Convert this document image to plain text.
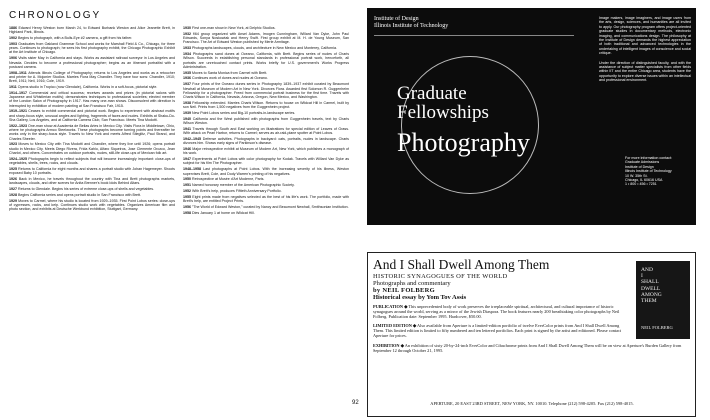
CHRONOLOGY

1886 Edward Henry Weston born March 24, to Edward Burbank Weston and Alice Jeanette Brett, in Highland Park, Illinois.

1902 Begins to photograph, with a Bulls-Eye #2 camera, a gift from his father.

1903 Graduates from Oakland Grammar School and works for Marshall Field & Co., Chicago, for three years. Continues to photograph; he sees his first photography exhibit, the Chicago Photographic Exhibit at the Art Institute of Chicago.

1906 Visits sister May in California and stays. Works as assistant railroad surveyor in Los Angeles and Nevada. Decides to become a professional photographer; begins as an itinerant portraitist with a postcard camera.

1908–1911 Attends Illinois College of Photography; returns to Los Angeles and works as a retoucher and printer for A. Mojonier Studios. Marries Flora May Chandler. They have four sons: Chandler, 1910; Brett, 1911; Neil, 1916; Cole, 1919.

1911 Opens studio in Tropico (now Glendale), California. Works in a soft-focus, pictorial style.

1914–1917 Commercial and critical success; receives awards and prizes (in pictorial salons with Japanese and Whistlerian motifs); demonstrates techniques to professional societies; elected member of the London Salon of Photography in 1917. Has many one-man shows. Disconsolent with direction is interrupted by exhibition of modern painting at San Francisco Fair, 1915.

1919–1921 Ceases to exhibit commercial and pictorial work. Begins to experiment with abstract motifs and sharp-focus style, unusual angles and lighting, fragments of faces and nudes. Exhibits at Shaku-Do-Sha Gallery, Los Angeles, and at California Camera Club, San Francisco. Meets Tina Modotti.

1922–1923 One-man show at Academia de Bellas Artes in Mexico City. Visits Flora in Middletown, Ohio, where he photographs Armco Steelworks. These photographs become turning points and thereafter he works only in the sharp-focus style. Travels to New York and meets Alfred Stieglitz, Paul Strand, and Charles Sheeler.

1923 Moves to Mexico City with Tina Modotti and Chandler, where they live until 1926; opens portrait studio in Mexico City. Meets Diego Rivera, Frida Kahlo, Alfaro Siqueiros, Jose Clemente Orozco, Jean Charlot, and others. Concentrates on outdoor portraits, nudes, still-life close-ups of Mexican folk art.

1924–1925 Photographs begin to reflect subjects that will become increasingly important: close-ups of vegetables, shells, trees, rocks, and clouds.

1925 Returns to California for eight months and shares a portrait studio with Johan Hagemeyer. Shoots exposed Baby 10 portraits.

1926 Back in Mexico, he travels throughout the country with Tina and Brett photographs markets, landscapes, clouds, and other scenes for Anita Brenner's book Idols Behind Altars.

1927 Returns to Glendale. Begins his series of extreme close-ups of shells and vegetables.

1928 Begins California series and opens portrait studio in San Francisco with Brett.

1929 Moves to Carmel, where his studio is located from 1929–1935. First Point Lobos series: close-ups of cypresses, rocks, and kelp. Continues studio work with vegetables. Organizes American film and photo section, and exhibits at Deutsche Werkbund exhibition, Stuttgart, Germany.

1930 First one-man show in New York, at Delphic Studios.

1932 f/64 group organized with Ansel Adams, Imogen Cunningham, Willard Van Dyke, John Paul Edwards, Sonya Noskowiak and Henry Swift. First group exhibit at M. H. de Young Museum, San Francisco. The Art of Edward Weston published by Merle Armitage.

1933 Photographs landscapes, clouds, and architecture in New Mexico and Monterey, California.

1934 Photographs sand dunes at Oceano, California, with Brett. Begins series of nudes of Charis Wilson. Succeeds in establishing personal standards in professional portrait work, henceforth, all portraits are unretouched contact prints. Works briefly for U.S. government's Works Progress Administration.

1935 Moves to Santa Monica from Carmel with Brett.

1936 Continues work of dunes and nudes at Oceano.

1937 Four prints of the Oceano dunes series in Photography 1839–1937 exhibit curated by Beaumont Newhall at Museum of Modern Art in New York. Divorces Flora. Awarded first Solomon R. Guggenheim Fellowship for a photographer. Freed from commercial portrait business for the first time. Travels with Charis Wilson in California, Nevada, Arizona, Oregon, New Mexico, and Washington.

1938 Fellowship extended. Marries Charis Wilson. Returns to house on Wildcat Hill in Carmel, built by son Neil. Prints from 1,500 negatives from the Guggenheim project.

1939 New Point Lobos series and Big-10 portraits-in-landscape series.

1940 California and the West published with photographs from Guggenheim travels, text by Charis Wilson Weston.

1941 Travels through South and East working on illustrations for special edition of Leaves of Grass. With attack on Pearl Harbor, returns to Carmel; serves as air-raid-plane spotter at Point Lobos.

1942–1945 Defense activities. Photographs in backyard: cats, portraits, nudes in landscape. Charis divorces him. Shows early signs of Parkinson's disease.

1946 Major retrospective exhibit at Museum of Modern Art, New York, which publishes a monograph of his work.

1947 Experiments at Point Lobos with color photography for Kodak. Travels with Willard Van Dyke as subject for his film The Photographer.

1948–1958 Last photographs at Point Lobos. With the increasing severity of his illness, Weston supervises Brett, Cole, and Dody Warren's printing of his negatives.

1950 Retrospective at Musée d'Art Moderne, Paris.

1951 Named honorary member of the American Photographic Society.

1952 With Brett's help, produces Fiftieth Anniversary Portfolio.

1955 Eight prints made from negatives selected as the best of his life's work. The portfolio, made with Brett's help, are entitled Project Prints.

1956 "The World of Edward Weston," curated by Nancy and Beaumont Newhall, Smithsonian Institution.

1958 Dies January 1 at home on Wildcat Hill.

92
Institute of Design
Illinois Institute of Technology
Graduate
Fellowships
Photography

Image makers, image imaginers, and image users from the arts, design, sciences, and humanities are all invited to apply. Our photography program offers project-oriented graduate studies in documentary methods, electronic imaging, and communications design. The philosophy at the Institute of Design demands the highest appreciation of both traditional and advanced technologies in the undertaking of intelligent images of conscience and social critique.

Under the direction of distinguished faculty, and with the assistance of subject matter specialists from other fields within IIT and the entire Chicago area, students have the opportunity to explore diverse issues within an intellectual and professional environment.

For more information contact:
Graduate Admissions
Institute of Design
Illinois Institute of Technology
10 W. 35th St.
Chicago, IL 60616 USA
1 • 800 • 456 • 7251
And I Shall Dwell Among Them
HISTORIC SYNAGOGUES OF THE WORLD
Photographs and commentary
by NEIL FOLBERG
Historical essay by Yom Tov Assis
AND
I
SHALL
DWELL
AMONG
THEM
NEIL FOLBERG

PUBLICATION ◆ This unprecedented body of work preserves the irreplaceable spiritual, architectural, and cultural importance of historic synagogues around the world, serving as a mirror of the Jewish Diaspora. The book features nearly 200 breathtaking color photographs by Neil Folberg. Publication date: September 1995. Hardcover, $50.00.

LIMITED EDITION ◆ Also available from Aperture is a limited-edition portfolio of twelve EverColor prints from And I Shall Dwell Among Them. This limited edition is limited to fifty numbered and ten lettered portfolios. Each print is signed by the artist and editioned. Please contact Aperture for prices.

EXHIBITION ◆ An exhibition of sixty 20-by-24-inch EverColor and Cibachrome prints from And I Shall Dwell Among Them will be on view at Aperture's Burden Gallery from September 12 through October 21, 1995.

APERTURE, 20 EAST 23RD STREET, NEW YORK, NY. 10010. Telephone (212) 598-4205. Fax (212) 598-4015.
